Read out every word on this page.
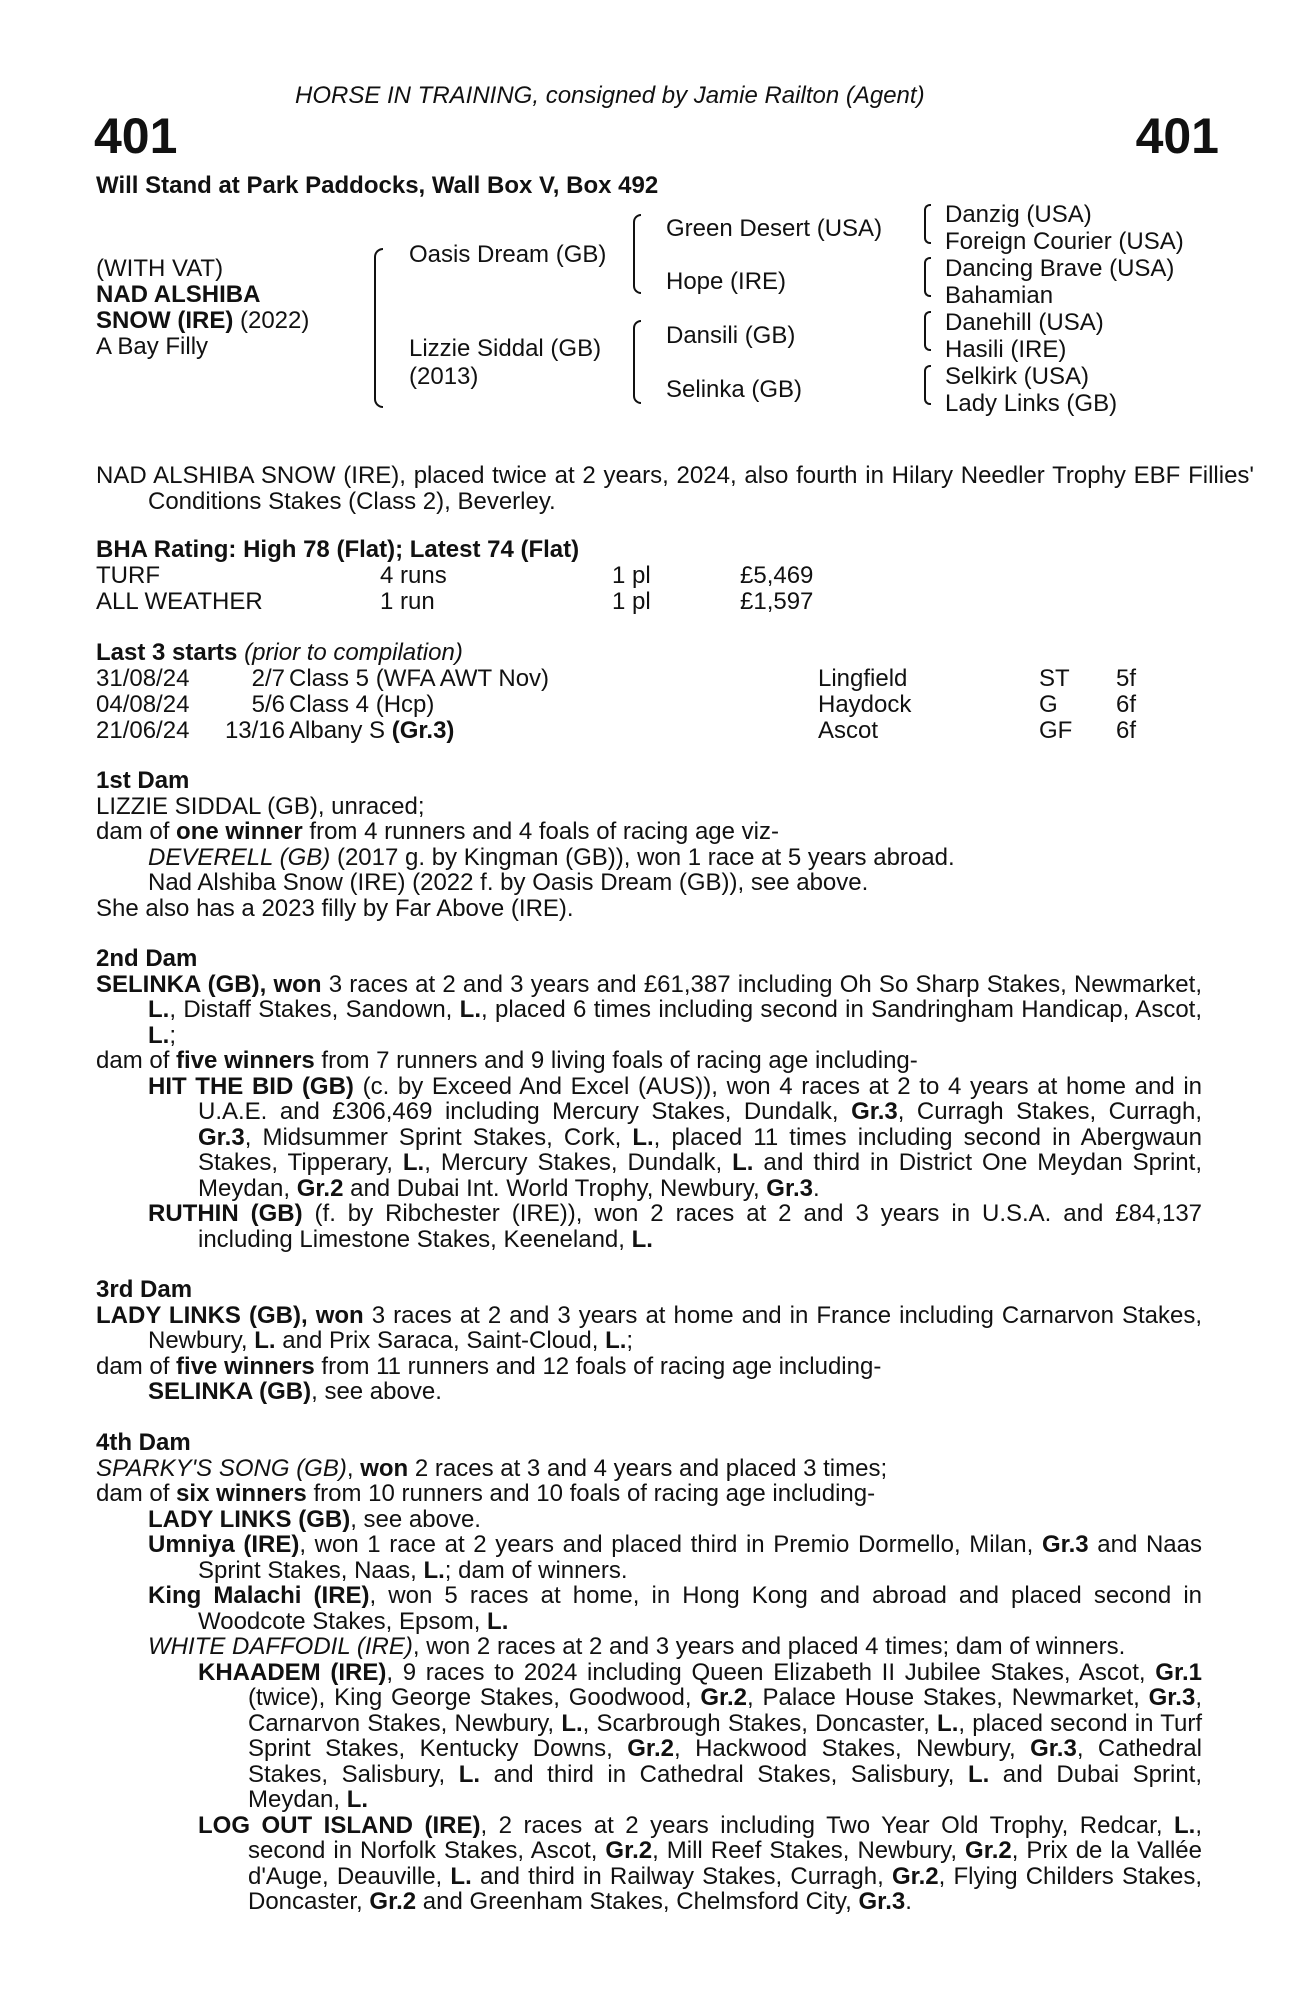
HORSE IN TRAINING, consigned by Jamie Railton (Agent)
401	401
Will Stand at Park Paddocks, Wall Box V, Box 492
(WITH VAT)
NAD ALSHIBA
SNOW (IRE) (2022)
A Bay Filly
Oasis Dream (GB)
Lizzie Siddal (GB)
(2013)
Green Desert (USA)
Hope (IRE)
Dansili (GB)
Selinka (GB)
Danzig (USA)
Foreign Courier (USA)
Dancing Brave (USA)
Bahamian
Danehill (USA)
Hasili (IRE)
Selkirk (USA)
Lady Links (GB)
NAD ALSHIBA SNOW (IRE), placed twice at 2 years, 2024, also fourth in Hilary Needler Trophy EBF Fillies' Conditions Stakes (Class 2), Beverley.
BHA Rating: High 78 (Flat); Latest 74 (Flat)
TURF	4 runs	1 pl	£5,469
ALL WEATHER	1 run	1 pl	£1,597
Last 3 starts (prior to compilation)
31/08/24	2/7 Class 5 (WFA AWT Nov)	Lingfield	ST 5f
04/08/24	5/6 Class 4 (Hcp)	Haydock	G 6f
21/06/24	13/16 Albany S (Gr.3)	Ascot	GF 6f
1st Dam
LIZZIE SIDDAL (GB), unraced;
dam of one winner from 4 runners and 4 foals of racing age viz-
DEVERELL (GB) (2017 g. by Kingman (GB)), won 1 race at 5 years abroad.
Nad Alshiba Snow (IRE) (2022 f. by Oasis Dream (GB)), see above.
She also has a 2023 filly by Far Above (IRE).
2nd Dam
SELINKA (GB), won 3 races at 2 and 3 years and £61,387 including Oh So Sharp Stakes, Newmarket, L., Distaff Stakes, Sandown, L., placed 6 times including second in Sandringham Handicap, Ascot, L.;
dam of five winners from 7 runners and 9 living foals of racing age including-
HIT THE BID (GB) (c. by Exceed And Excel (AUS)), won 4 races at 2 to 4 years at home and in U.A.E. and £306,469 including Mercury Stakes, Dundalk, Gr.3, Curragh Stakes, Curragh, Gr.3, Midsummer Sprint Stakes, Cork, L., placed 11 times including second in Abergwaun Stakes, Tipperary, L., Mercury Stakes, Dundalk, L. and third in District One Meydan Sprint, Meydan, Gr.2 and Dubai Int. World Trophy, Newbury, Gr.3.
RUTHIN (GB) (f. by Ribchester (IRE)), won 2 races at 2 and 3 years in U.S.A. and £84,137 including Limestone Stakes, Keeneland, L.
3rd Dam
LADY LINKS (GB), won 3 races at 2 and 3 years at home and in France including Carnarvon Stakes, Newbury, L. and Prix Saraca, Saint-Cloud, L.;
dam of five winners from 11 runners and 12 foals of racing age including-
SELINKA (GB), see above.
4th Dam
SPARKY'S SONG (GB), won 2 races at 3 and 4 years and placed 3 times;
dam of six winners from 10 runners and 10 foals of racing age including-
LADY LINKS (GB), see above.
Umniya (IRE), won 1 race at 2 years and placed third in Premio Dormello, Milan, Gr.3 and Naas Sprint Stakes, Naas, L.; dam of winners.
King Malachi (IRE), won 5 races at home, in Hong Kong and abroad and placed second in Woodcote Stakes, Epsom, L.
WHITE DAFFODIL (IRE), won 2 races at 2 and 3 years and placed 4 times; dam of winners.
KHAADEM (IRE), 9 races to 2024 including Queen Elizabeth II Jubilee Stakes, Ascot, Gr.1 (twice), King George Stakes, Goodwood, Gr.2, Palace House Stakes, Newmarket, Gr.3, Carnarvon Stakes, Newbury, L., Scarbrough Stakes, Doncaster, L., placed second in Turf Sprint Stakes, Kentucky Downs, Gr.2, Hackwood Stakes, Newbury, Gr.3, Cathedral Stakes, Salisbury, L. and third in Cathedral Stakes, Salisbury, L. and Dubai Sprint, Meydan, L.
LOG OUT ISLAND (IRE), 2 races at 2 years including Two Year Old Trophy, Redcar, L., second in Norfolk Stakes, Ascot, Gr.2, Mill Reef Stakes, Newbury, Gr.2, Prix de la Vallée d'Auge, Deauville, L. and third in Railway Stakes, Curragh, Gr.2, Flying Childers Stakes, Doncaster, Gr.2 and Greenham Stakes, Chelmsford City, Gr.3.
